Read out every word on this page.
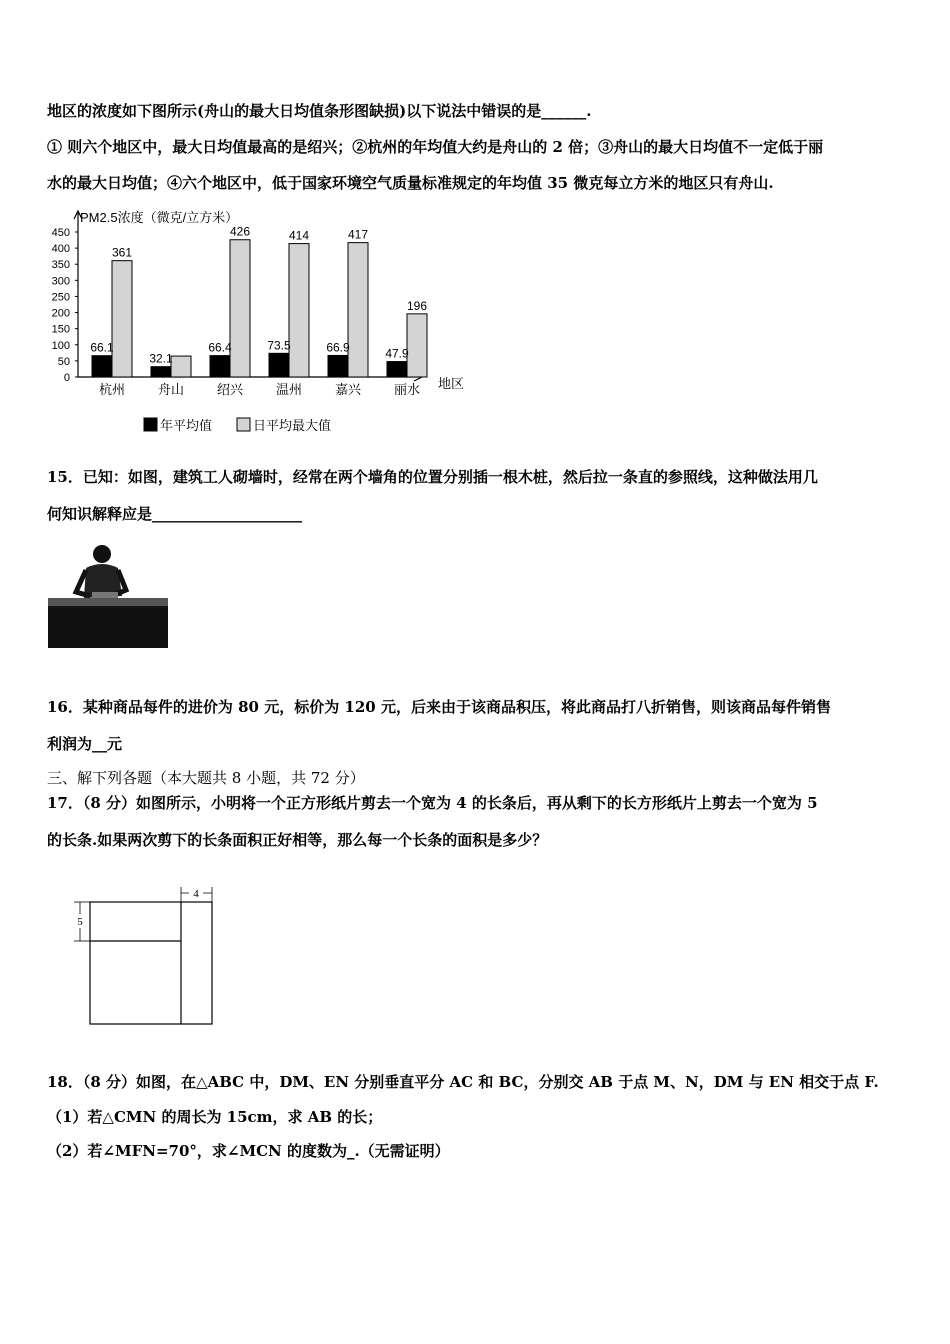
地区的浓度如下图所示(舟山的最大日均值条形图缺损)以下说法中错误的是______.
① 则六个地区中，最大日均值最高的是绍兴；②杭州的年均值大约是舟山的 2 倍；③舟山的最大日均值不一定低于丽
水的最大日均值；④六个地区中，低于国家环境空气质量标准规定的年均值 35 微克每立方米的地区只有舟山.
PM2.5浓度（微克/立方米）
地区
0
50
100
150
200
250
300
350
400
450
66.1
361
杭州
32.1
舟山
66.4
426
绍兴
73.5
414
温州
66.9
417
嘉兴
47.9
196
丽水
年平均值	日平均最大值
15．已知：如图，建筑工人砌墙时，经常在两个墙角的位置分别插一根木桩，然后拉一条直的参照线，这种做法用几
何知识解释应是____________________
16．某种商品每件的进价为 80 元，标价为 120 元，后来由于该商品积压，将此商品打八折销售，则该商品每件销售
利润为__元
三、解下列各题（本大题共 8 小题，共 72 分）
17．（8 分）如图所示，小明将一个正方形纸片剪去一个宽为 4 的长条后，再从剩下的长方形纸片上剪去一个宽为 5
的长条.如果两次剪下的长条面积正好相等，那么每一个长条的面积是多少？
4
5
18．（8 分）如图，在△ABC 中，DM、EN 分别垂直平分 AC 和 BC，分别交 AB 于点 M、N，DM 与 EN 相交于点 F.
（1）若△CMN 的周长为 15cm，求 AB 的长；
（2）若∠MFN=70°，求∠MCN 的度数为_.（无需证明）
